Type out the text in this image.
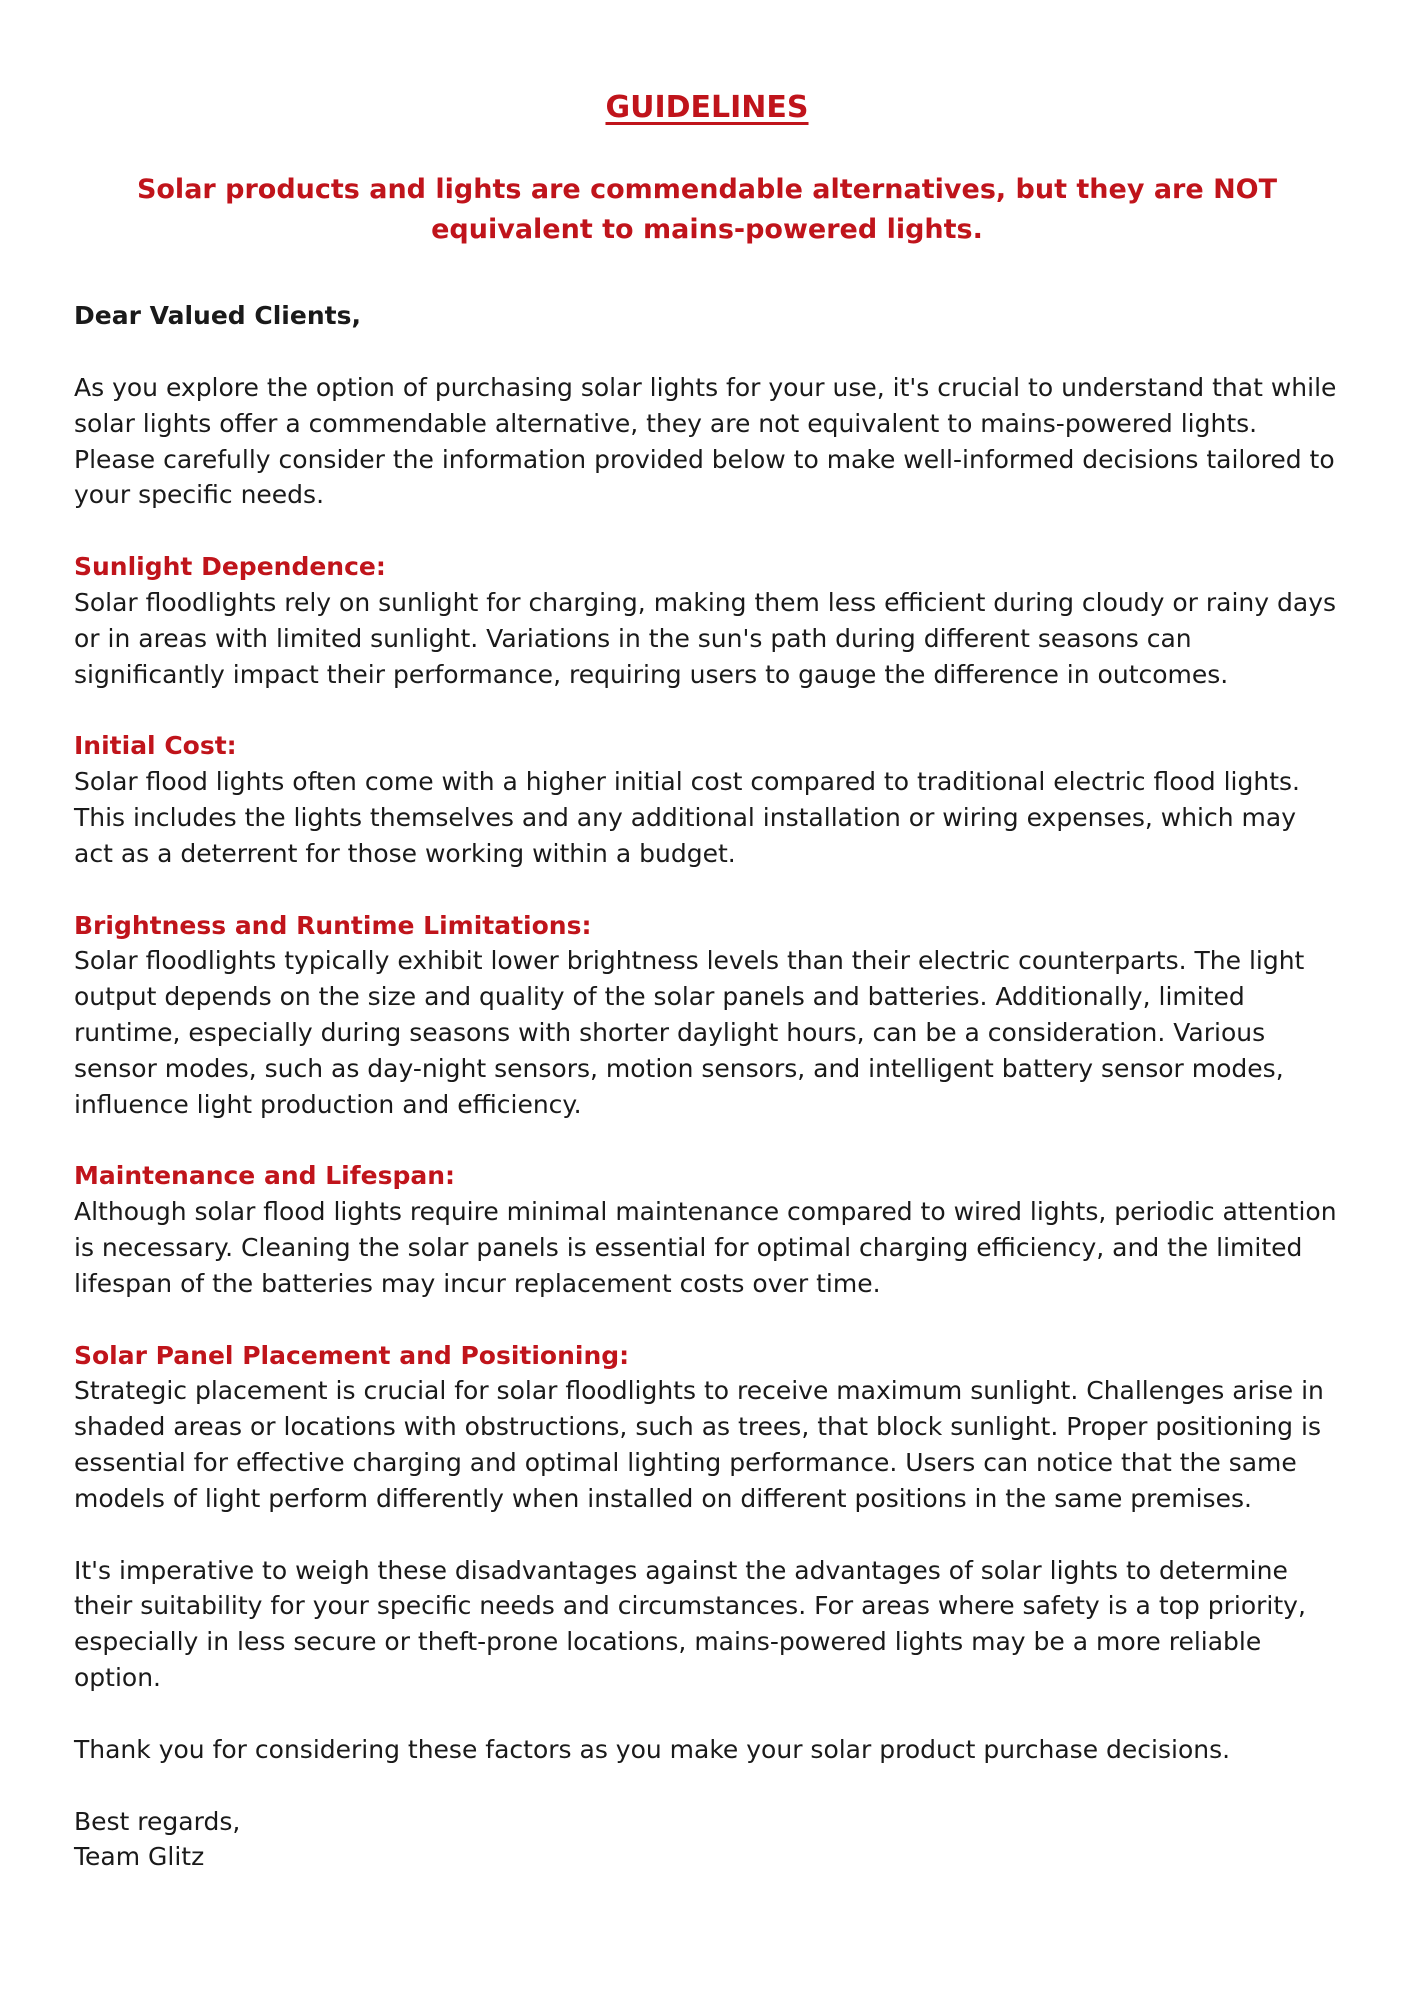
GUIDELINES
Solar products and lights are commendable alternatives, but they are NOT equivalent to mains-powered lights.
Dear Valued Clients,

As you explore the option of purchasing solar lights for your use, it's crucial to understand that while solar lights offer a commendable alternative, they are not equivalent to mains-powered lights. Please carefully consider the information provided below to make well-informed decisions tailored to your specific needs.

Sunlight Dependence:
Solar floodlights rely on sunlight for charging, making them less efficient during cloudy or rainy days or in areas with limited sunlight. Variations in the sun's path during different seasons can significantly impact their performance, requiring users to gauge the difference in outcomes.
Initial Cost:
Solar flood lights often come with a higher initial cost compared to traditional electric flood lights. This includes the lights themselves and any additional installation or wiring expenses, which may act as a deterrent for those working within a budget.
Brightness and Runtime Limitations:
Solar floodlights typically exhibit lower brightness levels than their electric counterparts. The light output depends on the size and quality of the solar panels and batteries. Additionally, limited runtime, especially during seasons with shorter daylight hours, can be a consideration. Various sensor modes, such as day-night sensors, motion sensors, and intelligent battery sensor modes, influence light production and efficiency.
Maintenance and Lifespan:
Although solar flood lights require minimal maintenance compared to wired lights, periodic attention is necessary. Cleaning the solar panels is essential for optimal charging efficiency, and the limited lifespan of the batteries may incur replacement costs over time.
Solar Panel Placement and Positioning:
Strategic placement is crucial for solar floodlights to receive maximum sunlight. Challenges arise in shaded areas or locations with obstructions, such as trees, that block sunlight. Proper positioning is essential for effective charging and optimal lighting performance. Users can notice that the same models of light perform differently when installed on different positions in the same premises.

It's imperative to weigh these disadvantages against the advantages of solar lights to determine their suitability for your specific needs and circumstances. For areas where safety is a top priority, especially in less secure or theft-prone locations, mains-powered lights may be a more reliable option.

Thank you for considering these factors as you make your solar product purchase decisions.

Best regards,
Team Glitz
